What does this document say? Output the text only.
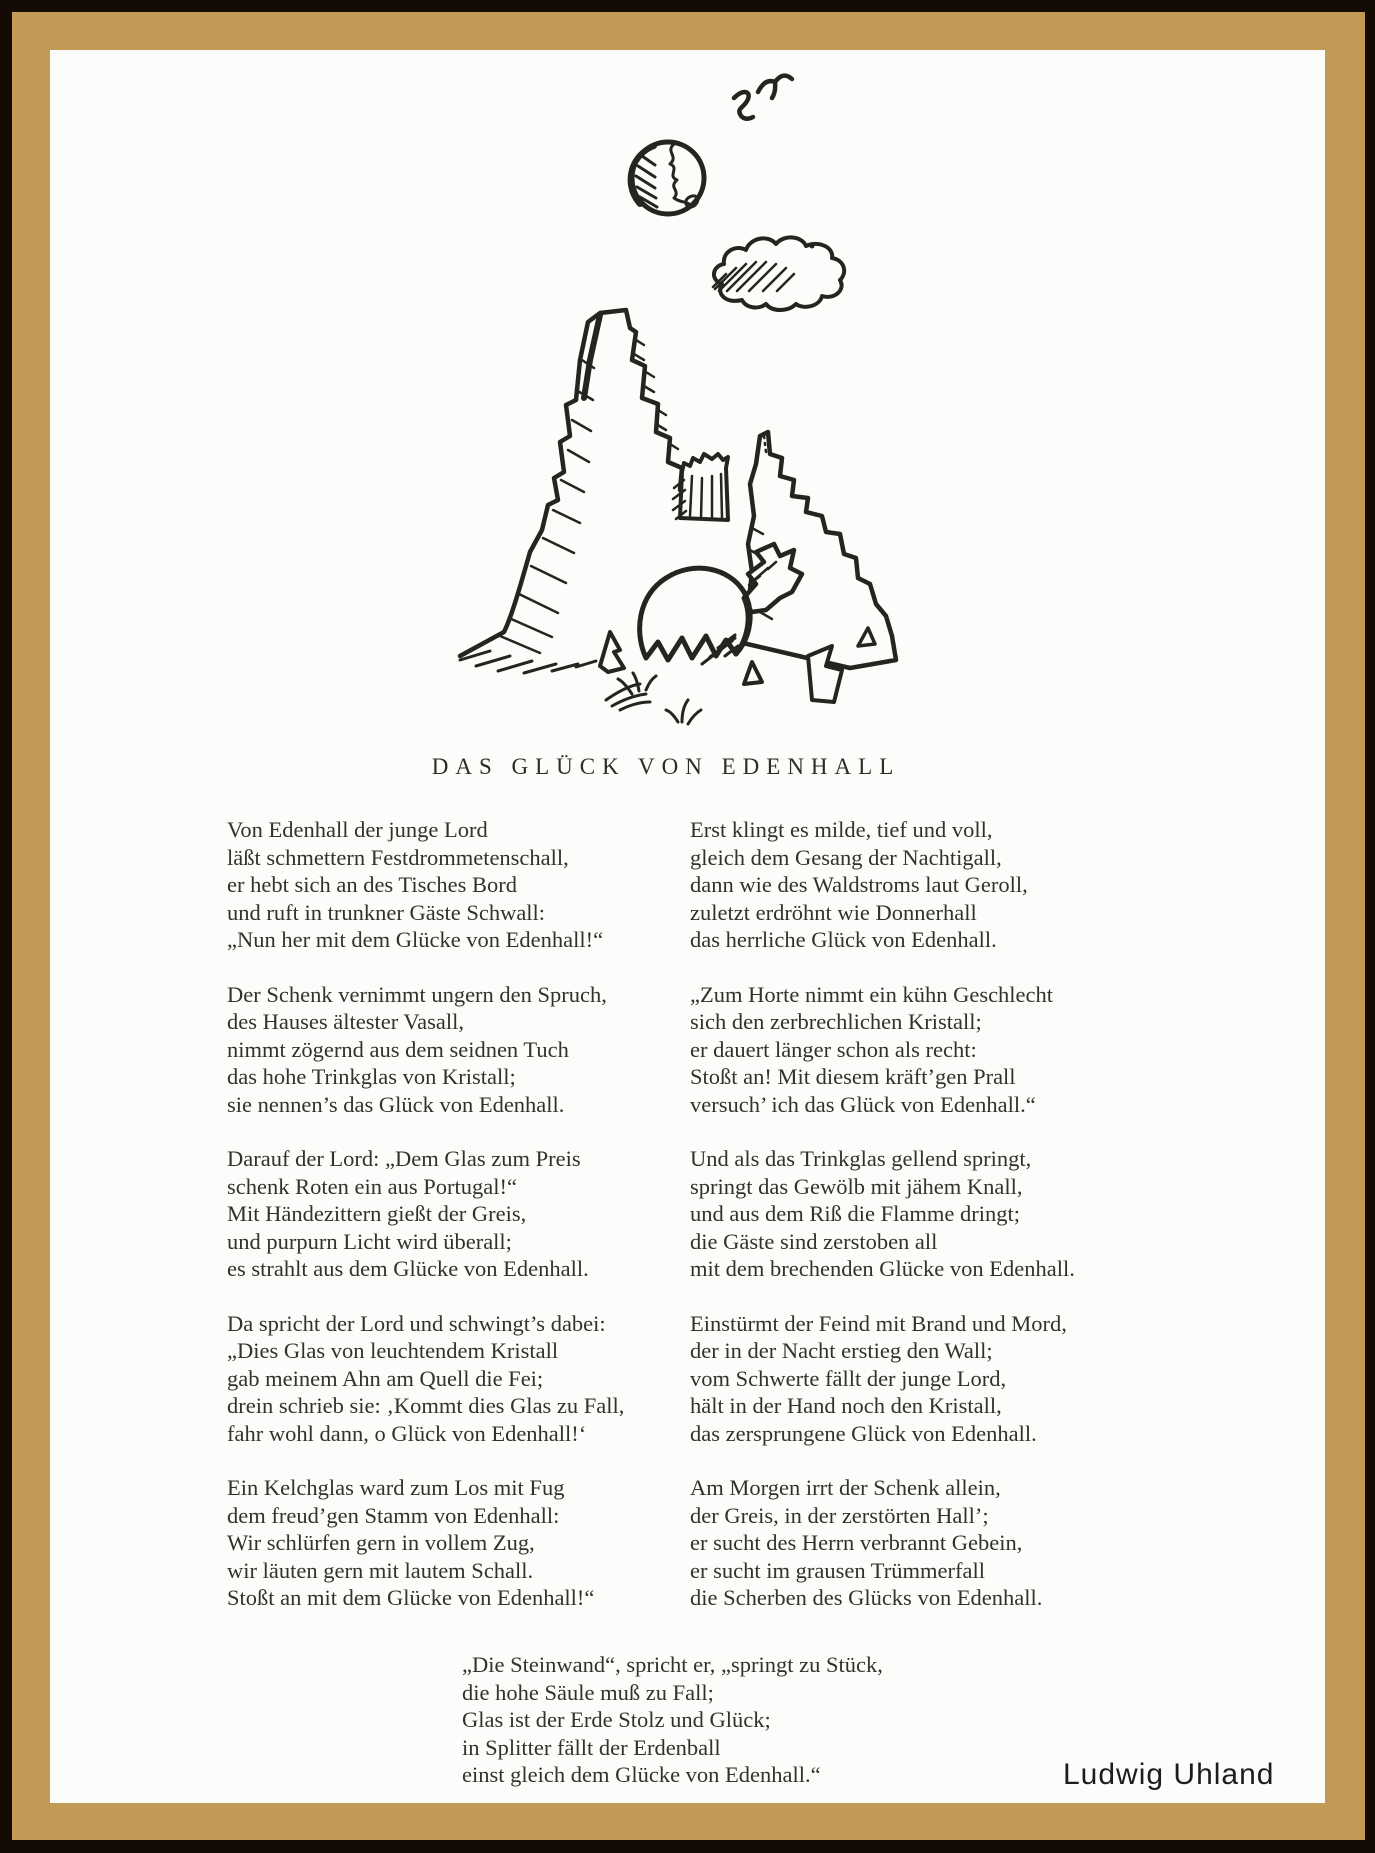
DAS GLÜCK VON EDENHALL
Von Edenhall der junge Lord
läßt schmettern Festdrommetenschall,
er hebt sich an des Tisches Bord
und ruft in trunkner Gäste Schwall:
„Nun her mit dem Glücke von Edenhall!“
Der Schenk vernimmt ungern den Spruch,
des Hauses ältester Vasall,
nimmt zögernd aus dem seidnen Tuch
das hohe Trinkglas von Kristall;
sie nennen’s das Glück von Edenhall.
Darauf der Lord: „Dem Glas zum Preis
schenk Roten ein aus Portugal!“
Mit Händezittern gießt der Greis,
und purpurn Licht wird überall;
es strahlt aus dem Glücke von Edenhall.
Da spricht der Lord und schwingt’s dabei:
„Dies Glas von leuchtendem Kristall
gab meinem Ahn am Quell die Fei;
drein schrieb sie: ‚Kommt dies Glas zu Fall,
fahr wohl dann, o Glück von Edenhall!‘
Ein Kelchglas ward zum Los mit Fug
dem freud’gen Stamm von Edenhall:
Wir schlürfen gern in vollem Zug,
wir läuten gern mit lautem Schall.
Stoßt an mit dem Glücke von Edenhall!“
Erst klingt es milde, tief und voll,
gleich dem Gesang der Nachtigall,
dann wie des Waldstroms laut Geroll,
zuletzt erdröhnt wie Donnerhall
das herrliche Glück von Edenhall.
„Zum Horte nimmt ein kühn Geschlecht
sich den zerbrechlichen Kristall;
er dauert länger schon als recht:
Stoßt an! Mit diesem kräft’gen Prall
versuch’ ich das Glück von Edenhall.“
Und als das Trinkglas gellend springt,
springt das Gewölb mit jähem Knall,
und aus dem Riß die Flamme dringt;
die Gäste sind zerstoben all
mit dem brechenden Glücke von Edenhall.
Einstürmt der Feind mit Brand und Mord,
der in der Nacht erstieg den Wall;
vom Schwerte fällt der junge Lord,
hält in der Hand noch den Kristall,
das zersprungene Glück von Edenhall.
Am Morgen irrt der Schenk allein,
der Greis, in der zerstörten Hall’;
er sucht des Herrn verbrannt Gebein,
er sucht im grausen Trümmerfall
die Scherben des Glücks von Edenhall.
„Die Steinwand“, spricht er, „springt zu Stück,
die hohe Säule muß zu Fall;
Glas ist der Erde Stolz und Glück;
in Splitter fällt der Erdenball
einst gleich dem Glücke von Edenhall.“	Ludwig Uhland
